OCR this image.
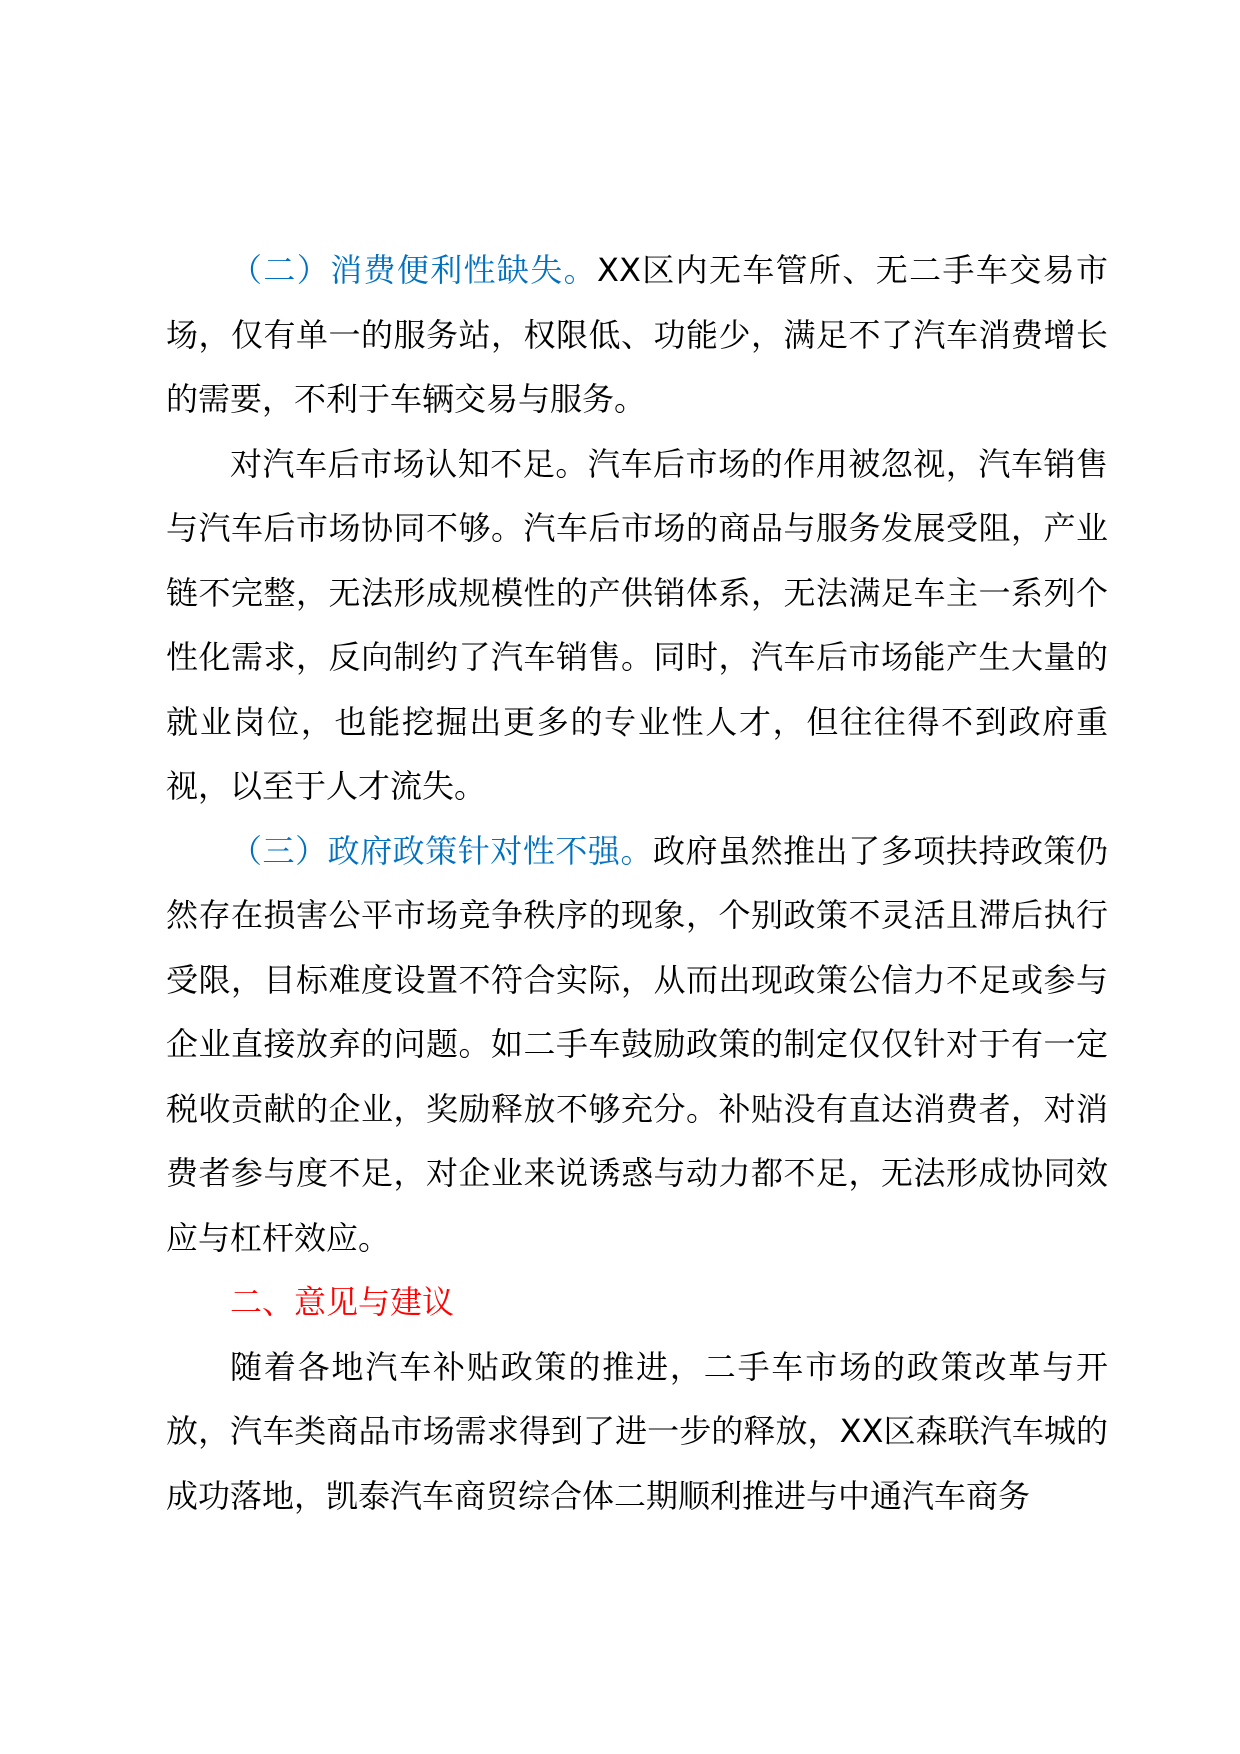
（二）消费便利性缺失。XX区内无车管所、无二手车交易市场，仅有单一的服务站，权限低、功能少，满足不了汽车消费增长的需要，不利于车辆交易与服务。

对汽车后市场认知不足。汽车后市场的作用被忽视，汽车销售与汽车后市场协同不够。汽车后市场的商品与服务发展受阻，产业链不完整，无法形成规模性的产供销体系，无法满足车主一系列个性化需求，反向制约了汽车销售。同时，汽车后市场能产生大量的就业岗位，也能挖掘出更多的专业性人才，但往往得不到政府重视，以至于人才流失。

（三）政府政策针对性不强。政府虽然推出了多项扶持政策仍然存在损害公平市场竞争秩序的现象，个别政策不灵活且滞后执行受限，目标难度设置不符合实际，从而出现政策公信力不足或参与企业直接放弃的问题。如二手车鼓励政策的制定仅仅针对于有一定税收贡献的企业，奖励释放不够充分。补贴没有直达消费者，对消费者参与度不足，对企业来说诱惑与动力都不足，无法形成协同效应与杠杆效应。

二、意见与建议

随着各地汽车补贴政策的推进，二手车市场的政策改革与开放，汽车类商品市场需求得到了进一步的释放，XX区森联汽车城的成功落地，凯泰汽车商贸综合体二期顺利推进与中通汽车商务
